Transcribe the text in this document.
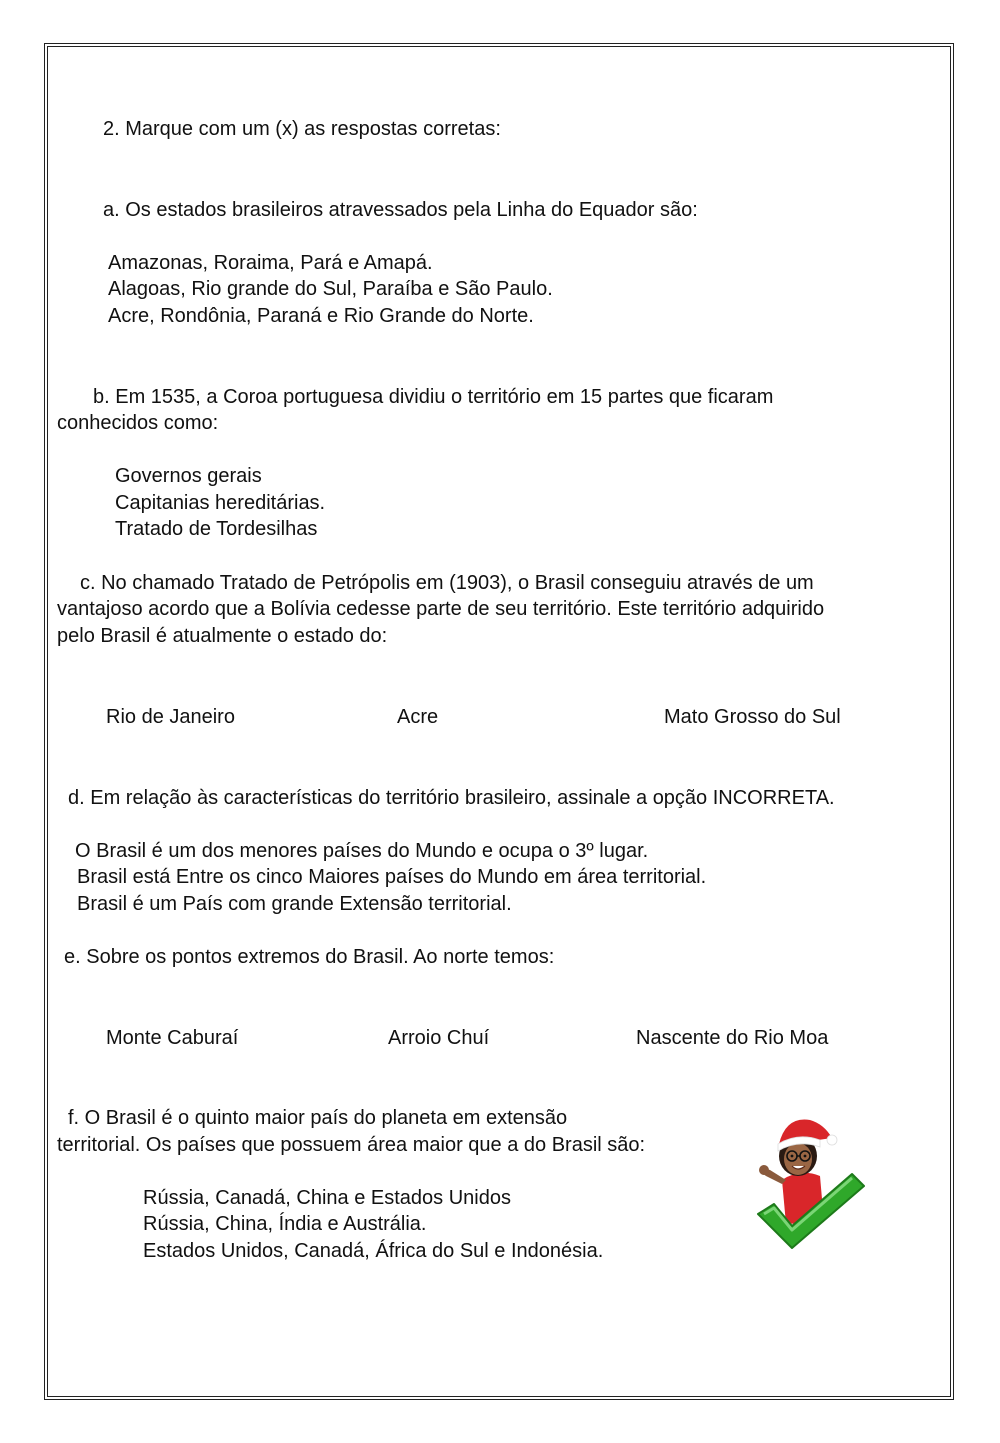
2. Marque com um (x) as respostas corretas:
a. Os estados brasileiros atravessados pela Linha do Equador são:
Amazonas, Roraima, Pará e Amapá.
Alagoas, Rio grande do Sul, Paraíba e São Paulo.
Acre, Rondônia, Paraná e Rio Grande do Norte.
b. Em 1535, a Coroa portuguesa dividiu o território em 15 partes que ficaram
conhecidos como:
Governos gerais
Capitanias hereditárias.
Tratado de Tordesilhas
c. No chamado Tratado de Petrópolis em (1903), o Brasil conseguiu através de um
vantajoso acordo que a Bolívia cedesse parte de seu território. Este território adquirido
pelo Brasil é atualmente o estado do:
Rio de Janeiro	Acre	Mato Grosso do Sul
d. Em relação às características do território brasileiro, assinale a opção INCORRETA.
O Brasil é um dos menores países do Mundo e ocupa o 3º lugar.
Brasil está Entre os cinco Maiores países do Mundo em área territorial.
Brasil é um País com grande Extensão territorial.
e. Sobre os pontos extremos do Brasil. Ao norte temos:
Monte Caburaí	Arroio Chuí	Nascente do Rio Moa
f. O Brasil é o quinto maior país do planeta em extensão
territorial. Os países que possuem área maior que a do Brasil são:
Rússia, Canadá, China e Estados Unidos
Rússia, China, Índia e Austrália.
Estados Unidos, Canadá, África do Sul e Indonésia.
